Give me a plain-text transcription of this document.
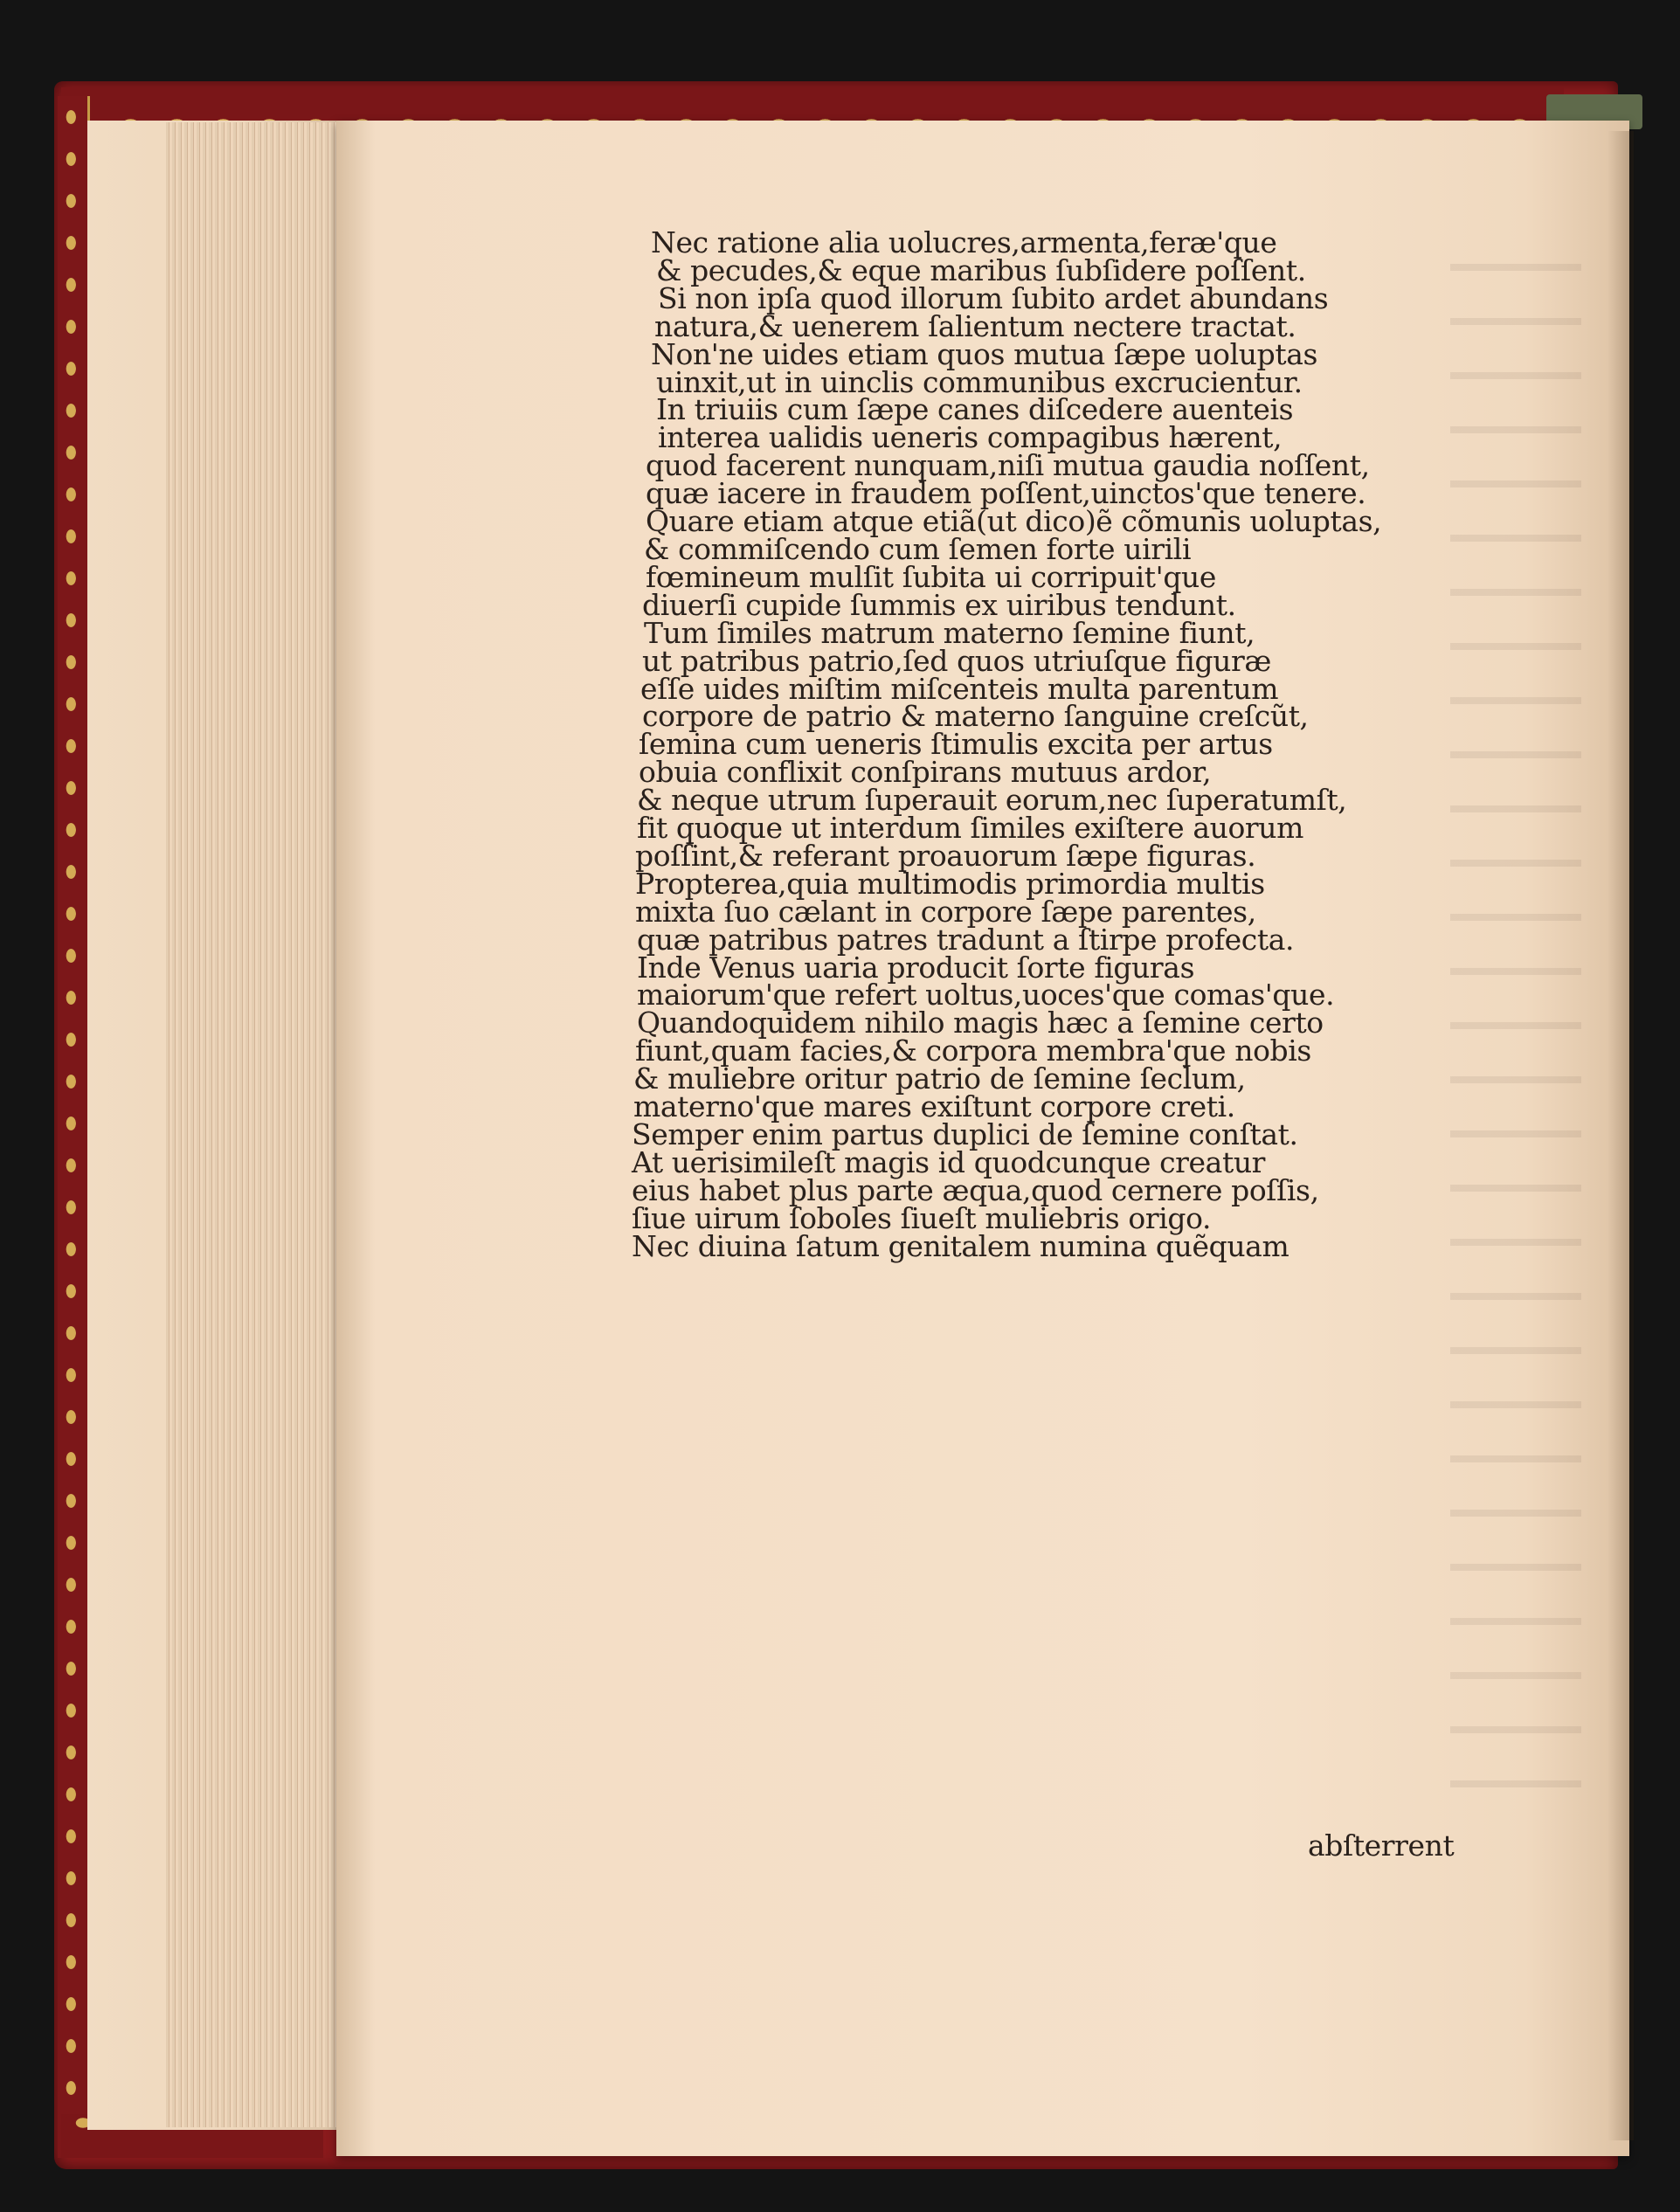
Nec ratione alia uolucres,armenta,feræ'que
& pecudes,& eque maribus ſubſidere poſſent.
Si non ipſa quod illorum ſubito ardet abundans
natura,& uenerem ſalientum nectere tractat.
Non'ne uides etiam quos mutua ſæpe uoluptas
uinxit,ut in uinclis communibus excrucientur.
In triuiis cum ſæpe canes diſcedere auenteis
interea ualidis ueneris compagibus hærent,
quod facerent nunquam,niſi mutua gaudia noſſent,
quæ iacere in fraudem poſſent,uinctos'que tenere.
Quare etiam atque etiã(ut dico)ẽ cõmunis uoluptas,
& commiſcendo cum ſemen forte uirili
fœmineum mulſit ſubita ui corripuit'que
diuerſi cupide ſummis ex uiribus tendunt.
Tum ſimiles matrum materno ſemine fiunt,
ut patribus patrio,ſed quos utriuſque figuræ
eſſe uides miſtim miſcenteis multa parentum
corpore de patrio & materno ſanguine creſcũt,
ſemina cum ueneris ſtimulis excita per artus
obuia conflixit conſpirans mutuus ardor,
& neque utrum ſuperauit eorum,nec ſuperatumſt,
fit quoque ut interdum ſimiles exiſtere auorum
poſſint,& referant proauorum ſæpe figuras.
Propterea,quia multimodis primordia multis
mixta ſuo cælant in corpore ſæpe parentes,
quæ patribus patres tradunt a ſtirpe profecta.
Inde Venus uaria producit ſorte figuras
maiorum'que refert uoltus,uoces'que comas'que.
Quandoquidem nihilo magis hæc a ſemine certo
fiunt,quam facies,& corpora membra'que nobis
& muliebre oritur patrio de ſemine ſeclum,
materno'que mares exiſtunt corpore creti.
Semper enim partus duplici de ſemine conſtat.
At uerisimileſt magis id quodcunque creatur
eius habet plus parte æqua,quod cernere poſſis,
ſiue uirum ſoboles ſiueſt muliebris origo.
Nec diuina ſatum genitalem numina quẽquam
abſterrent
